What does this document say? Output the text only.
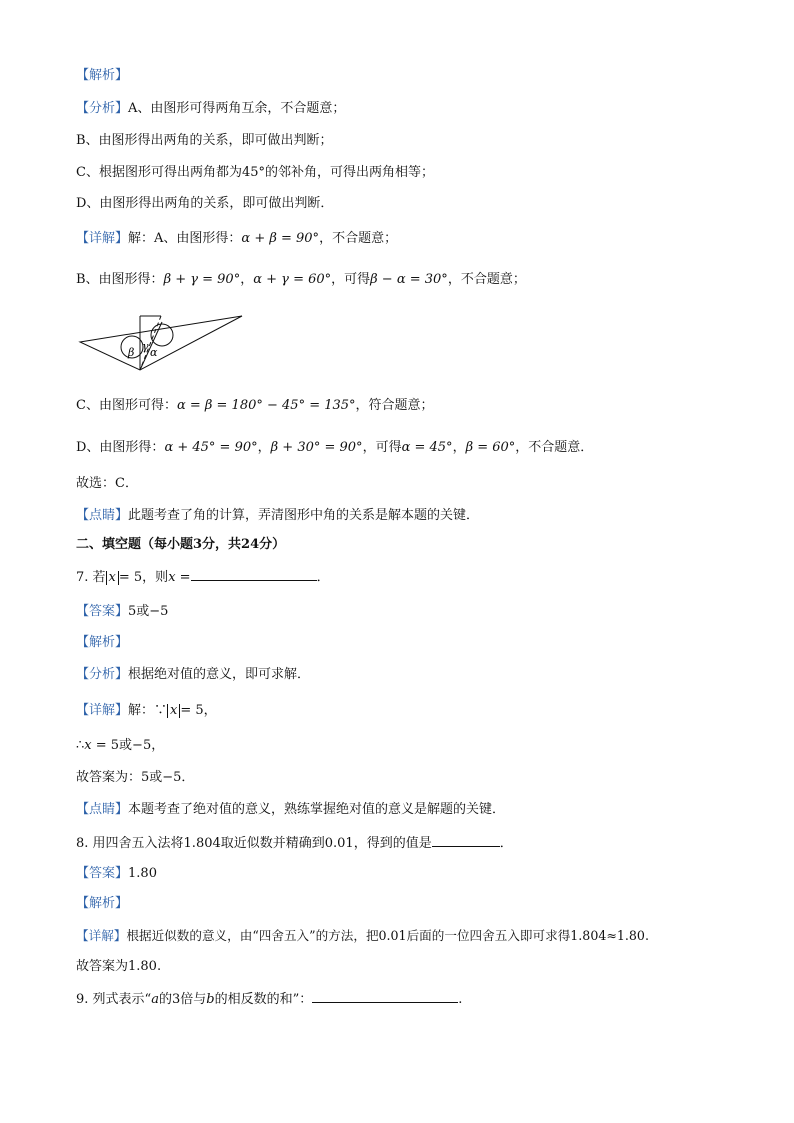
【解析】
【分析】A、由图形可得两角互余，不合题意；
B、由图形得出两角的关系，即可做出判断；
C、根据图形可得出两角都为45°的邻补角，可得出两角相等；
D、由图形得出两角的关系，即可做出判断．
【详解】解：A、由图形得：α + β = 90°，不合题意；
B、由图形得：β + γ = 90°，α + γ = 60°，可得β − α = 30°，不合题意；
β γ α
C、由图形可得：α = β = 180° − 45° = 135°，符合题意；
D、由图形得：α + 45° = 90°，β + 30° = 90°，可得α = 45°，β = 60°，不合题意．
故选：C．
【点睛】此题考查了角的计算，弄清图形中角的关系是解本题的关键．
二、填空题（每小题3分，共24分）
7. 若 x = 5，则x =	．
【答案】5或−5
【解析】
【分析】根据绝对值的意义，即可求解．
【详解】解：∵ x = 5，
∴x = 5或−5，
故答案为：5或−5．
【点睛】本题考查了绝对值的意义，熟练掌握绝对值的意义是解题的关键．
8. 用四舍五入法将1.804取近似数并精确到0.01，得到的值是	．
【答案】1.80
【解析】
【详解】根据近似数的意义，由“四舍五入”的方法，把0.01后面的一位四舍五入即可求得1.804≈1.80.
故答案为1.80.
9. 列式表示“a的3倍与b的相反数的和”：	.
